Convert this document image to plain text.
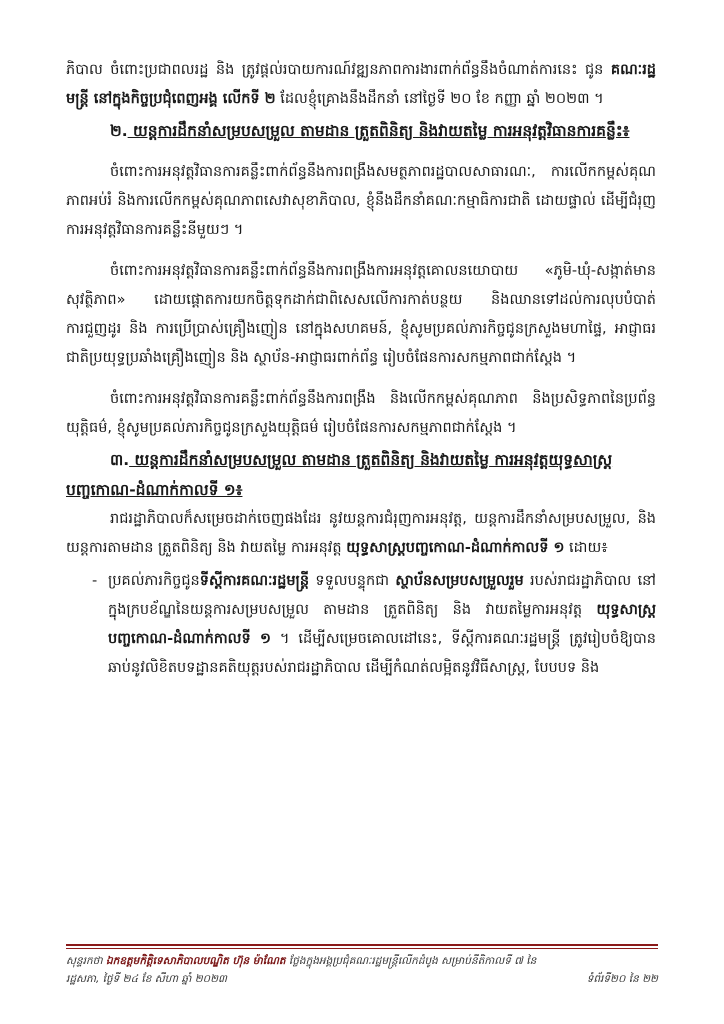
ភិបាល ចំពោះប្រជាពលរដ្ឋ និង ត្រូវផ្តល់របាយការណ៍វឌ្ឍនភាពការងារពាក់ព័ន្ធនឹងចំណាត់ការនេះ ជូន គណៈរដ្ឋមន្ត្រី នៅក្នុងកិច្ចប្រជុំពេញអង្គ លើកទី ២ ដែលខ្ញុំគ្រោងនឹងដឹកនាំ នៅថ្ងៃទី ២០ ខែ កញ្ញា ឆ្នាំ ២០២៣ ។

២. យន្តការដឹកនាំសម្របសម្រួល តាមដាន ត្រួតពិនិត្យ និងវាយតម្លៃ ការអនុវត្តវិធានការគន្លឹះ៖

ចំពោះការអនុវត្តវិធានការគន្លឹះពាក់ព័ន្ធនឹងការពង្រឹងសមត្ថភាពរដ្ឋបាលសាធារណៈ, ការលើកកម្ពស់គុណភាពអប់រំ និងការលើកកម្ពស់គុណភាពសេវាសុខាភិបាល, ខ្ញុំនឹងដឹកនាំគណៈកម្មាធិការជាតិ ដោយផ្ទាល់ ដើម្បីជំរុញការអនុវត្តវិធានការគន្លឹះនីមួយៗ ។

ចំពោះការអនុវត្តវិធានការគន្លឹះពាក់ព័ន្ធនឹងការពង្រឹងការអនុវត្តគោលនយោបាយ «ភូមិ-ឃុំ-សង្កាត់មានសុវត្ថិភាព» ដោយផ្តោតការយកចិត្តទុកដាក់ជាពិសេសលើការកាត់បន្ថយ និងឈានទៅដល់ការលុបបំបាត់ ការជួញដូរ និង ការប្រើប្រាស់គ្រឿងញៀន នៅក្នុងសហគមន៍, ខ្ញុំសូមប្រគល់ភារកិច្ចជូនក្រសួងមហាផ្ទៃ, អាជ្ញាធរជាតិប្រយុទ្ធប្រឆាំងគ្រឿងញៀន និង ស្ថាប័ន-អាជ្ញាធរពាក់ព័ន្ធ រៀបចំផែនការសកម្មភាពជាក់ស្តែង ។

ចំពោះការអនុវត្តវិធានការគន្លឹះពាក់ព័ន្ធនឹងការពង្រឹង និងលើកកម្ពស់គុណភាព និងប្រសិទ្ធភាពនៃប្រព័ន្ធយុត្តិធម៌, ខ្ញុំសូមប្រគល់ភារកិច្ចជូនក្រសួងយុត្តិធម៌ រៀបចំផែនការសកម្មភាពជាក់ស្តែង ។

៣. យន្តការដឹកនាំសម្របសម្រួល តាមដាន ត្រួតពិនិត្យ និងវាយតម្លៃ ការអនុវត្តយុទ្ធសាស្ត្របញ្ចកោណ-ដំណាក់កាលទី ១៖

រាជរដ្ឋាភិបាលក៏សម្រេចដាក់ចេញផងដែរ នូវយន្តការជំរុញការអនុវត្ត, យន្តការដឹកនាំសម្របសម្រួល, និង យន្តការតាមដាន ត្រួតពិនិត្យ និង វាយតម្លៃ ការអនុវត្ត យុទ្ធសាស្ត្របញ្ចកោណ-ដំណាក់កាលទី ១ ដោយ៖

- ប្រគល់ភារកិច្ចជូនទីស្តីការគណៈរដ្ឋមន្ត្រី ទទួលបន្ទុកជា ស្ថាប័នសម្របសម្រួលរួម របស់រាជរដ្ឋាភិបាល នៅក្នុងក្របខ័ណ្ឌនៃយន្តការសម្របសម្រួល តាមដាន ត្រួតពិនិត្យ និង វាយតម្លៃការអនុវត្ត យុទ្ធសាស្ត្របញ្ចកោណ-ដំណាក់កាលទី ១ ។ ដើម្បីសម្រេចគោលដៅនេះ, ទីស្តីការគណៈរដ្ឋមន្ត្រី ត្រូវរៀបចំឱ្យបានឆាប់នូវលិខិតបទដ្ឋានគតិយុត្តរបស់រាជរដ្ឋាភិបាល ដើម្បីកំណត់លម្អិតនូវវិធីសាស្ត្រ, បែបបទ និង

សុន្ទរកថា ឯកឧត្តមកិត្តិទេសាភិបាលបណ្ឌិត ហ៊ុន ម៉ាណែត ថ្លែងក្នុងអង្គប្រជុំគណៈរដ្ឋមន្ត្រីលើកដំបូង សម្រាប់នីតិកាលទី ៧ នៃ
រដ្ឋសភា, ថ្ងៃទី ២៤ ខែ សីហា ឆ្នាំ ២០២៣	ទំព័រទី២០ នៃ ២២
